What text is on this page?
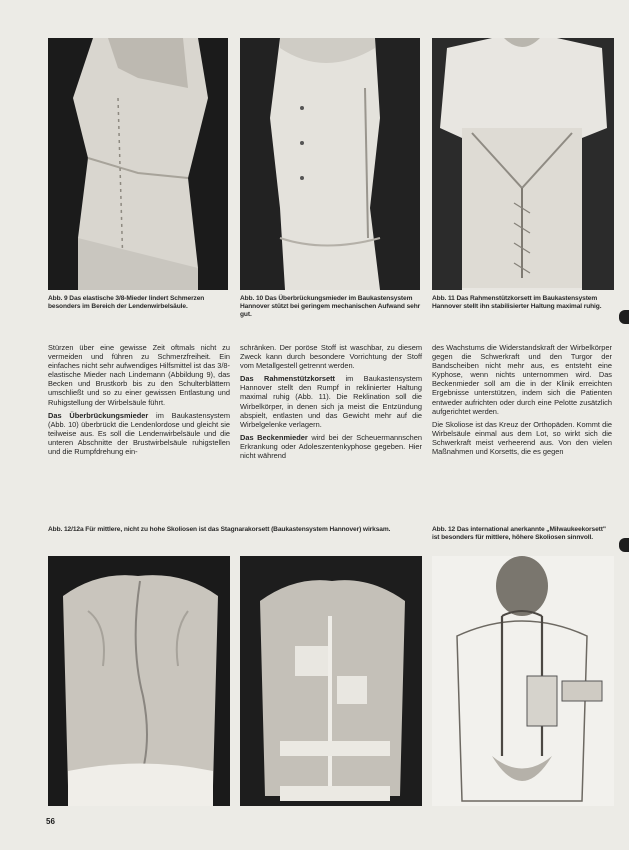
Abb. 9 Das elastische 3/8-Mieder lindert Schmerzen besonders im Bereich der Lendenwirbelsäule.
Abb. 10 Das Überbrückungsmieder im Baukastensystem Hannover stützt bei geringem mechanischen Aufwand sehr gut.
Abb. 11 Das Rahmenstützkorsett im Baukastensystem Hannover stellt ihn stabilisierter Haltung maximal ruhig.

Stürzen über eine gewisse Zeit oftmals nicht zu vermeiden und führen zu Schmerzfreiheit. Ein einfaches nicht sehr aufwendiges Hilfsmittel ist das 3/8-elastische Mieder nach Lindemann (Abbildung 9), das Becken und Brustkorb bis zu den Schulterblättern umschließt und so zu einer gewissen Entlastung und Ruhigstellung der Wirbelsäule führt.

Das Überbrückungsmieder im Baukastensystem (Abb. 10) überbrückt die Lendenlordose und gleicht sie teilweise aus. Es soll die Lendenwirbelsäule und die unteren Abschnitte der Brustwirbelsäule ruhigstellen und die Rumpfdrehung ein-

schränken. Der poröse Stoff ist waschbar, zu diesem Zweck kann durch besondere Vorrichtung der Stoff vom Metallgestell getrennt werden.

Das Rahmenstützkorsett im Baukastensystem Hannover stellt den Rumpf in reklinierter Haltung maximal ruhig (Abb. 11). Die Reklination soll die Wirbelkörper, in denen sich ja meist die Entzündung abspielt, entlasten und das Gewicht mehr auf die Wirbelgelenke verlagern.

Das Beckenmieder wird bei der Scheuermannschen Erkrankung oder Adoleszentenkyphose gegeben. Hier nicht während

des Wachstums die Widerstandskraft der Wirbelkörper gegen die Schwerkraft und den Turgor der Bandscheiben nicht mehr aus, es entsteht eine Kyphose, wenn nichts unternommen wird. Das Beckenmieder soll am die in der Klinik erreichten Ergebnisse unterstützen, indem sich die Patienten entweder aufrichten oder durch eine Pelotte zusätzlich aufgerichtet werden.

Die Skoliose ist das Kreuz der Orthopäden. Kommt die Wirbelsäule einmal aus dem Lot, so wirkt sich die Schwerkraft meist verheerend aus. Von den vielen Maßnahmen und Korsetts, die es gegen

Abb. 12/12a Für mittlere, nicht zu hohe Skoliosen ist das Stagnarakorsett (Baukastensystem Hannover) wirksam.	Abb. 12 Das international anerkannte „Milwaukeekorsett" ist besonders für mittlere, höhere Skoliosen sinnvoll.
56
